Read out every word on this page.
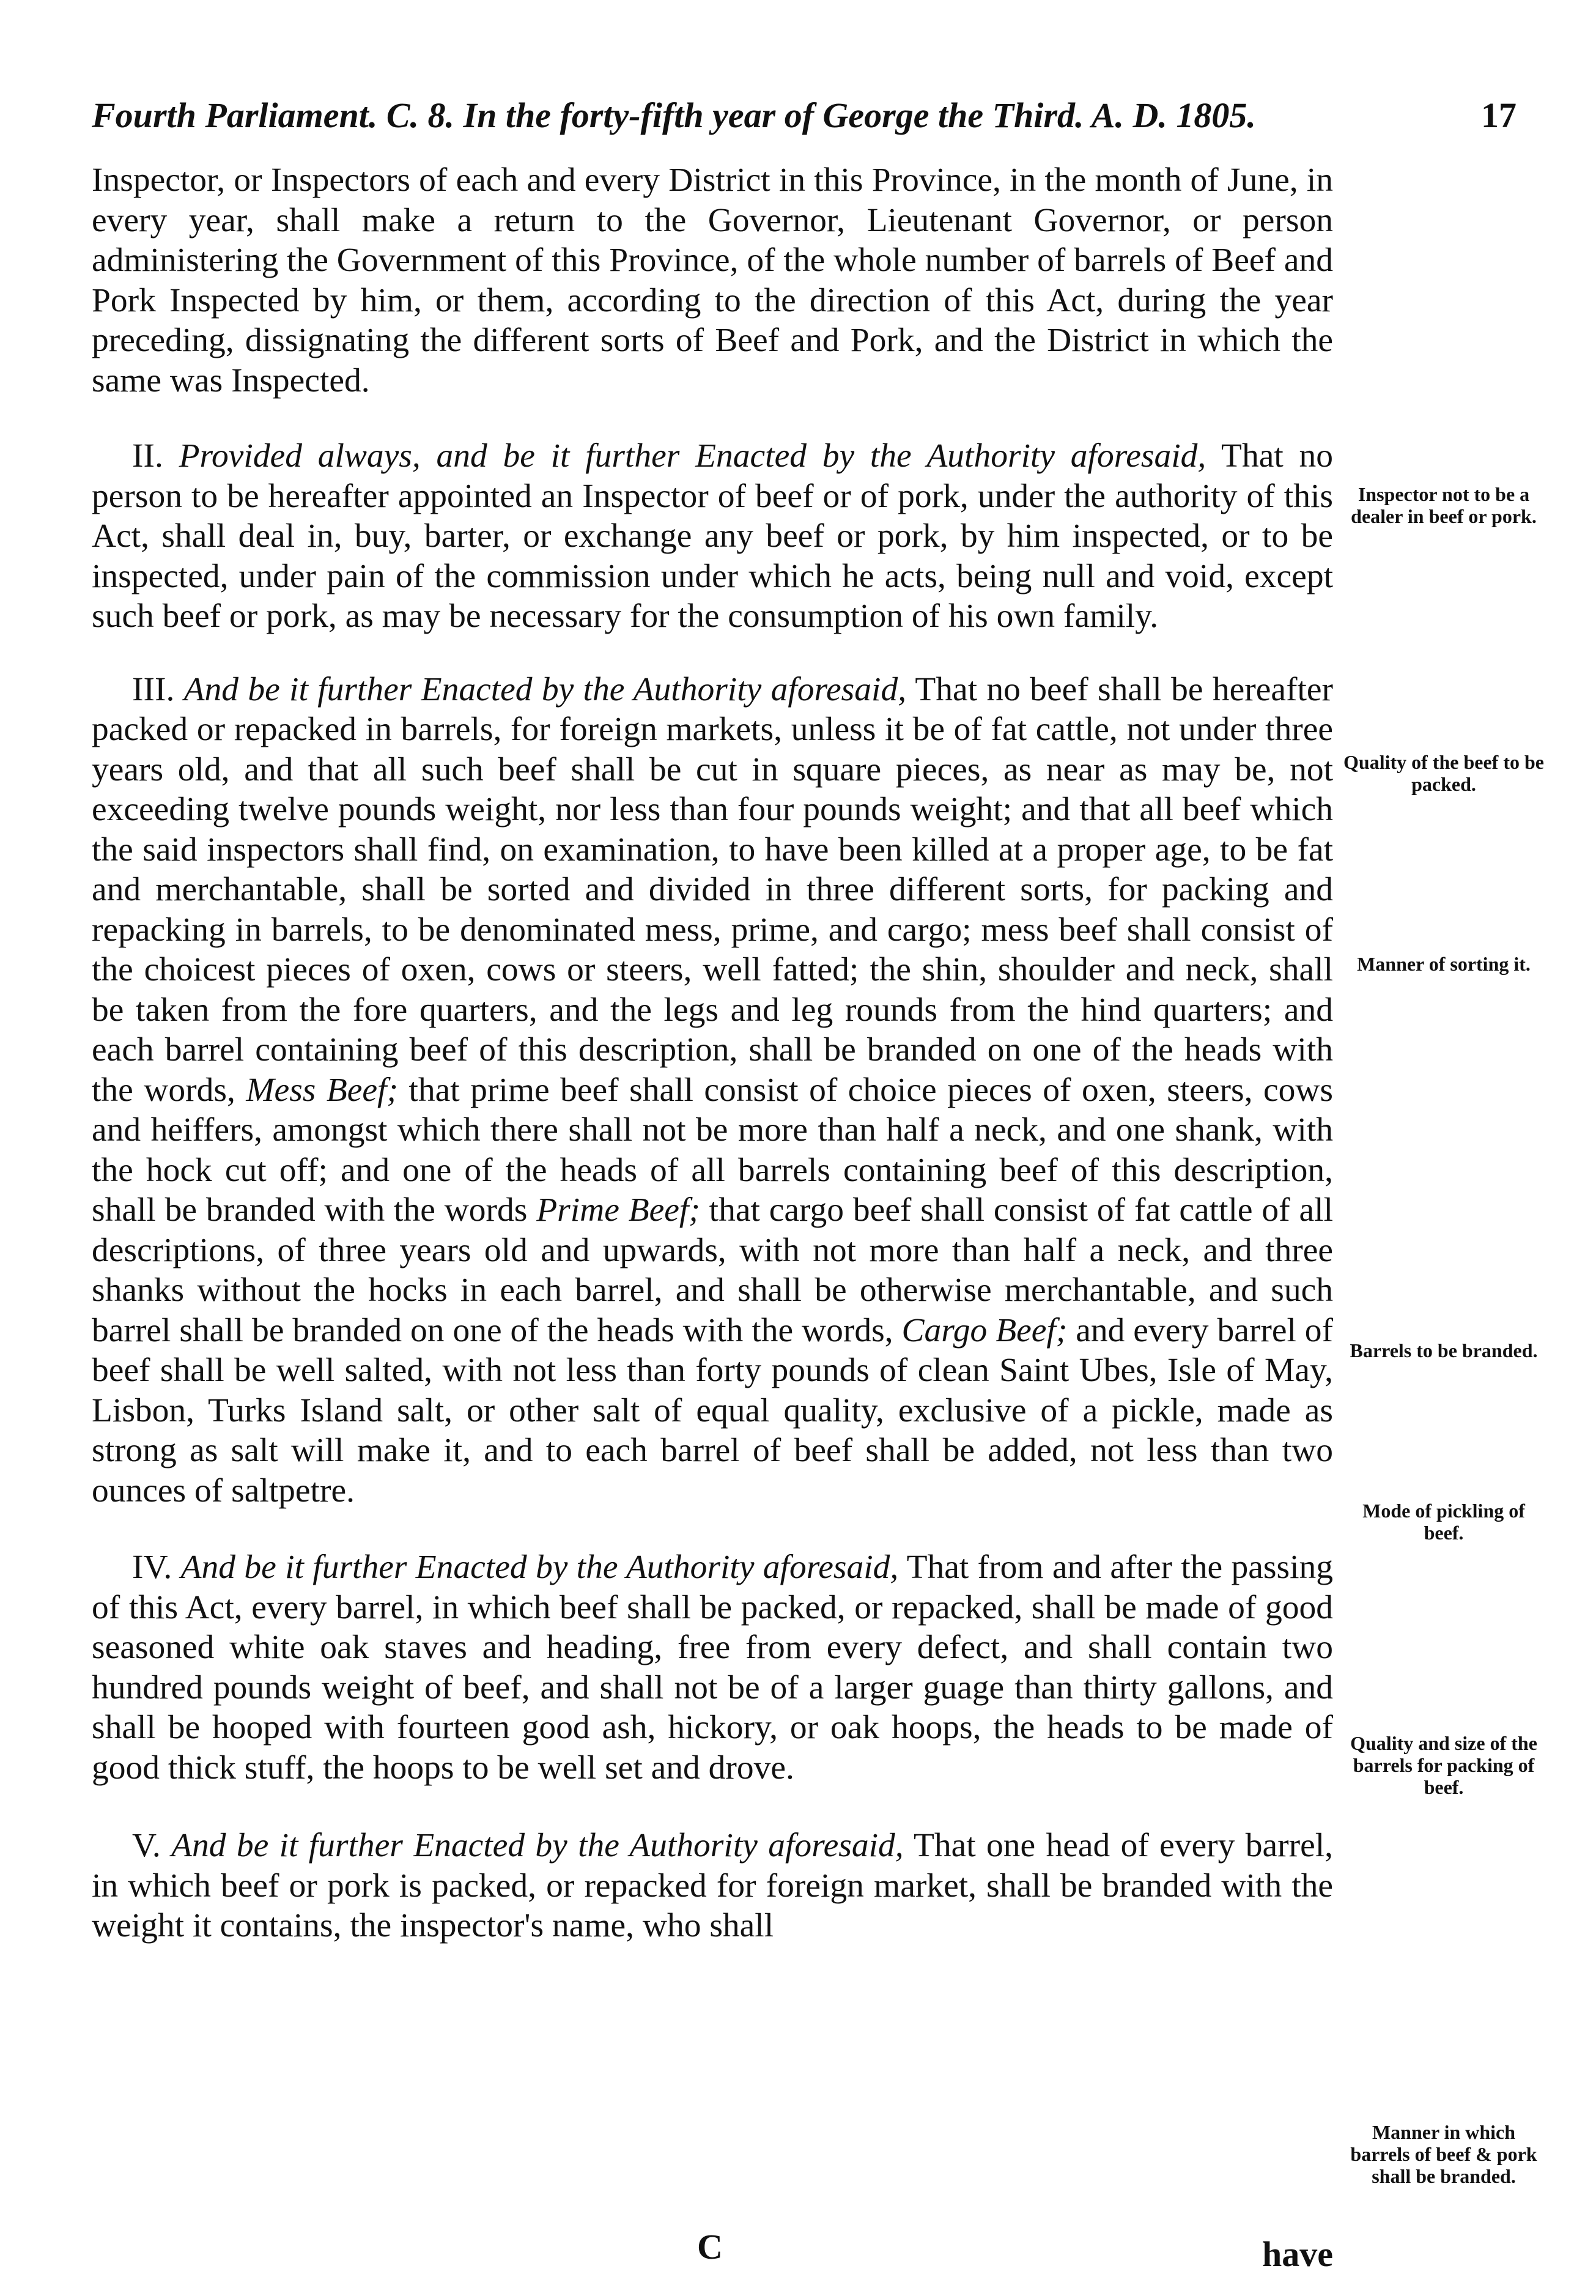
Fourth Parliament. C. 8. In the forty-fifth year of George the Third. A. D. 1805.	17

Inspector, or Inspectors of each and every District in this Province, in the month of June, in every year, shall make a return to the Governor, Lieutenant Governor, or person administering the Government of this Province, of the whole number of barrels of Beef and Pork Inspected by him, or them, according to the direction of this Act, during the year preceding, dissignating the different sorts of Beef and Pork, and the District in which the same was Inspected.

II. Provided always, and be it further Enacted by the Authority aforesaid, That no person to be hereafter appointed an Inspector of beef or of pork, under the authority of this Act, shall deal in, buy, barter, or exchange any beef or pork, by him inspected, or to be inspected, under pain of the commission under which he acts, being null and void, except such beef or pork, as may be necessary for the consumption of his own family.

III. And be it further Enacted by the Authority aforesaid, That no beef shall be hereafter packed or repacked in barrels, for foreign markets, unless it be of fat cattle, not under three years old, and that all such beef shall be cut in square pieces, as near as may be, not exceeding twelve pounds weight, nor less than four pounds weight; and that all beef which the said inspectors shall find, on examination, to have been killed at a proper age, to be fat and merchantable, shall be sorted and divided in three different sorts, for packing and repacking in barrels, to be denominated mess, prime, and cargo; mess beef shall consist of the choicest pieces of oxen, cows or steers, well fatted; the shin, shoulder and neck, shall be taken from the fore quarters, and the legs and leg rounds from the hind quarters; and each barrel containing beef of this description, shall be branded on one of the heads with the words, Mess Beef; that prime beef shall consist of choice pieces of oxen, steers, cows and heiffers, amongst which there shall not be more than half a neck, and one shank, with the hock cut off; and one of the heads of all barrels containing beef of this description, shall be branded with the words Prime Beef; that cargo beef shall consist of fat cattle of all descriptions, of three years old and upwards, with not more than half a neck, and three shanks without the hocks in each barrel, and shall be otherwise merchantable, and such barrel shall be branded on one of the heads with the words, Cargo Beef; and every barrel of beef shall be well salted, with not less than forty pounds of clean Saint Ubes, Isle of May, Lisbon, Turks Island salt, or other salt of equal quality, exclusive of a pickle, made as strong as salt will make it, and to each barrel of beef shall be added, not less than two ounces of saltpetre.

IV. And be it further Enacted by the Authority aforesaid, That from and after the passing of this Act, every barrel, in which beef shall be packed, or repacked, shall be made of good seasoned white oak staves and heading, free from every defect, and shall contain two hundred pounds weight of beef, and shall not be of a larger guage than thirty gallons, and shall be hooped with fourteen good ash, hickory, or oak hoops, the heads to be made of good thick stuff, the hoops to be well set and drove.

V. And be it further Enacted by the Authority aforesaid, That one head of every barrel, in which beef or pork is packed, or repacked for foreign market, shall be branded with the weight it contains, the inspector's name, who shall

Inspector not to be a dealer in beef or pork.
Quality of the beef to be packed.
Manner of sorting it.
Barrels to be branded.
Mode of pickling of beef.
Quality and size of the barrels for packing of beef.
Manner in which barrels of beef & pork shall be branded.
C	have
